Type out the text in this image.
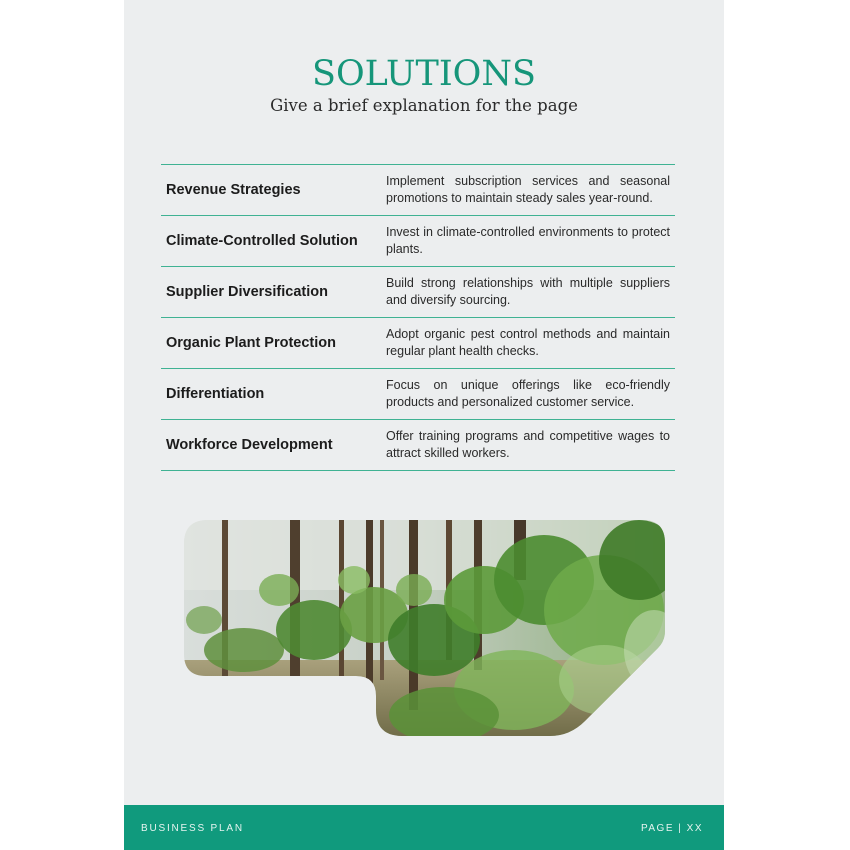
SOLUTIONS
Give a brief explanation for the page
Revenue Strategies
Implement subscription services and seasonal promotions to maintain steady sales year-round.
Climate-Controlled Solution
Invest in climate-controlled environments to protect plants.
Supplier Diversification
Build strong relationships with multiple suppliers and diversify sourcing.
Organic Plant Protection
Adopt organic pest control methods and maintain regular plant health checks.
Differentiation
Focus on unique offerings like eco-friendly products and personalized customer service.
Workforce Development
Offer training programs and competitive wages to attract skilled workers.
BUSINESS PLAN	PAGE | XX
